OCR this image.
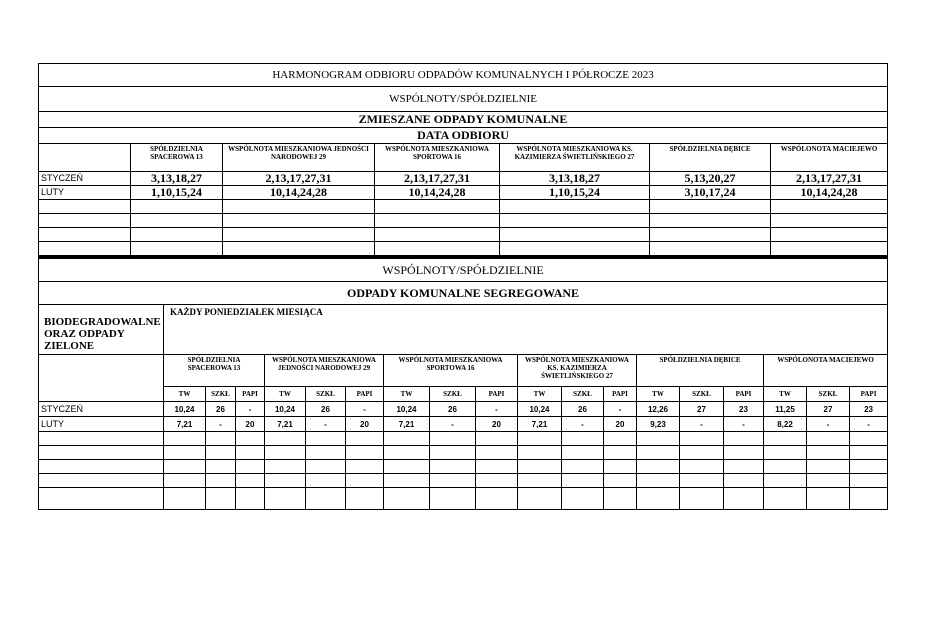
HARMONOGRAM ODBIORU ODPADÓW KOMUNALNYCH I PÓŁROCZE 2023						
WSPÓLNOTY/SPÓŁDZIELNIE						
ZMIESZANE ODPADY KOMUNALNE						
DATA ODBIORU						
	SPÓŁDZIELNIA SPACEROWA 13	WSPÓLNOTA MIESZKANIOWA JEDNOŚCI NARODOWEJ 29	WSPÓLNOTA MIESZKANIOWA SPORTOWA 16	WSPÓLNOTA MIESZKANIOWA KS. KAZIMIERZA ŚWIETLIŃSKIEGO 27	SPÓŁDZIELNIA DĘBICE	WSPÓLONOTA MACIEJEWO
STYCZEŃ	3,13,18,27	2,13,17,27,31	2,13,17,27,31	3,13,18,27	5,13,20,27	2,13,17,27,31
LUTY	1,10,15,24	10,14,24,28	10,14,24,28	1,10,15,24	3,10,17,24	10,14,24,28

WSPÓLNOTY/SPÓŁDZIELNIE																		
ODPADY KOMUNALNE SEGREGOWANE																		
BIODEGRADOWALNE ORAZ ODPADY ZIELONE	KAŻDY PONIEDZIAŁEK MIESIĄCA																	
	SPÓŁDZIELNIA SPACEROWA 13			WSPÓLNOTA MIESZKANIOWA JEDNOŚCI NARODOWEJ 29			WSPÓLNOTA MIESZKANIOWA SPORTOWA 16			WSPÓLNOTA MIESZKANIOWA KS. KAZIMIERZA ŚWIETLIŃSKIEGO 27			SPÓŁDZIELNIA DĘBICE			WSPÓLONOTA MACIEJEWO		
	TW	SZKŁ	PAPI	TW	SZKŁ	PAPI	TW	SZKŁ	PAPI	TW	SZKŁ	PAPI	TW	SZKŁ	PAPI	TW	SZKŁ	PAPI
STYCZEŃ	10,24	26	-	10,24	26	-	10,24	26	-	10,24	26	-	12,26	27	23	11,25	27	23
LUTY	7,21	-	20	7,21	-	20	7,21	-	20	7,21	-	20	9,23	-	-	8,22	-	-
